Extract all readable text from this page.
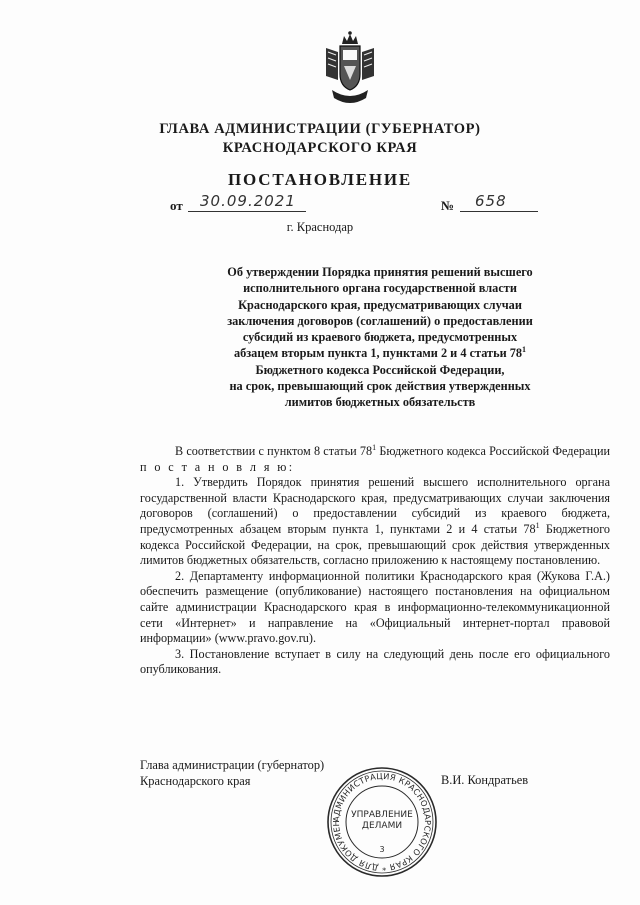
ГЛАВА АДМИНИСТРАЦИИ (ГУБЕРНАТОР)
КРАСНОДАРСКОГО КРАЯ
ПОСТАНОВЛЕНИЕ
от 30.09.2021	№ 658
г. Краснодар
Об утверждении Порядка принятия решений высшего
исполнительного органа государственной власти
Краснодарского края, предусматривающих случаи
заключения договоров (соглашений) о предоставлении
субсидий из краевого бюджета, предусмотренных
абзацем вторым пункта 1, пунктами 2 и 4 статьи $78^1$
Бюджетного кодекса Российской Федерации,
на срок, превышающий срок действия утвержденных
лимитов бюджетных обязательств

В соответствии с пунктом 8 статьи $78^1$ Бюджетного кодекса Российской Федерации п о с т а н о в л я ю:

1. Утвердить Порядок принятия решений высшего исполнительного органа государственной власти Краснодарского края, предусматривающих случаи заключения договоров (соглашений) о предоставлении субсидий из краевого бюджета, предусмотренных абзацем вторым пункта 1, пунктами 2 и 4 статьи $78^1$ Бюджетного кодекса Российской Федерации, на срок, превышающий срок действия утвержденных лимитов бюджетных обязательств, согласно приложению к настоящему постановлению.

2. Департаменту информационной политики Краснодарского края (Жукова Г.А.) обеспечить размещение (опубликование) настоящего постановления на официальном сайте администрации Краснодарского края в информационно-телекоммуникационной сети «Интернет» и направление на «Официальный интернет-портал правовой информации» (www.pravo.gov.ru).

3. Постановление вступает в силу на следующий день после его официального опубликования.

Глава администрации (губернатор)
Краснодарского края	В.И. Кондратьев
АДМИНИСТРАЦИЯ КРАСНОДАРСКОГО КРАЯ * ДЛЯ ДОКУМЕН
УПРАВЛЕНИЕ
ДЕЛАМИ
3
